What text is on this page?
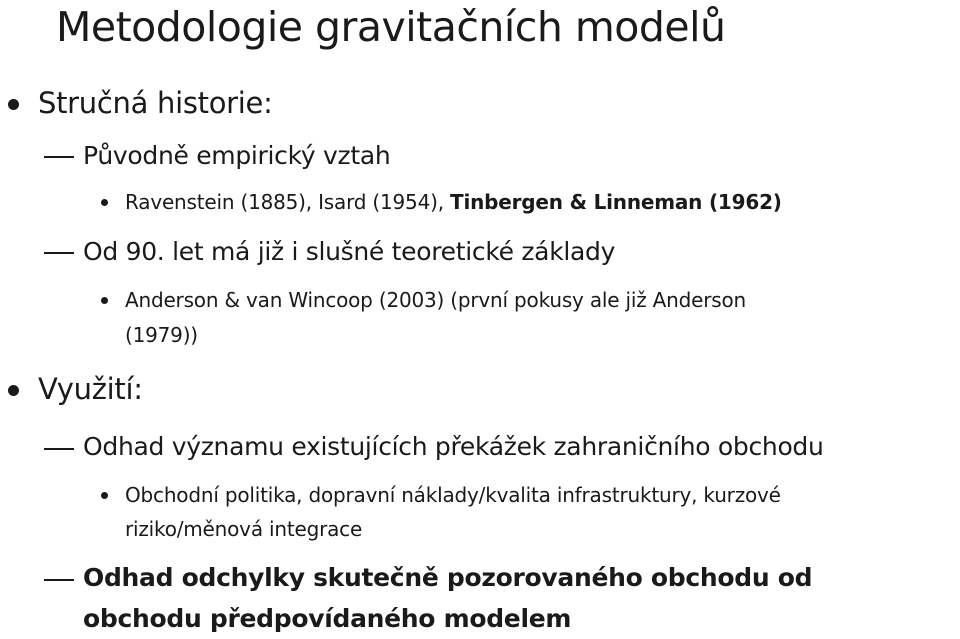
Metodologie gravitačních modelů
Stručná historie:
Původně empirický vztah
Ravenstein (1885), Isard (1954), Tinbergen & Linneman (1962)
Od 90. let má již i slušné teoretické základy
Anderson & van Wincoop (2003) (první pokusy ale již Anderson
(1979))
Využití:
Odhad významu existujících překážek zahraničního obchodu
Obchodní politika, dopravní náklady/kvalita infrastruktury, kurzové
riziko/měnová integrace
Odhad odchylky skutečně pozorovaného obchodu od
obchodu předpovídaného modelem
